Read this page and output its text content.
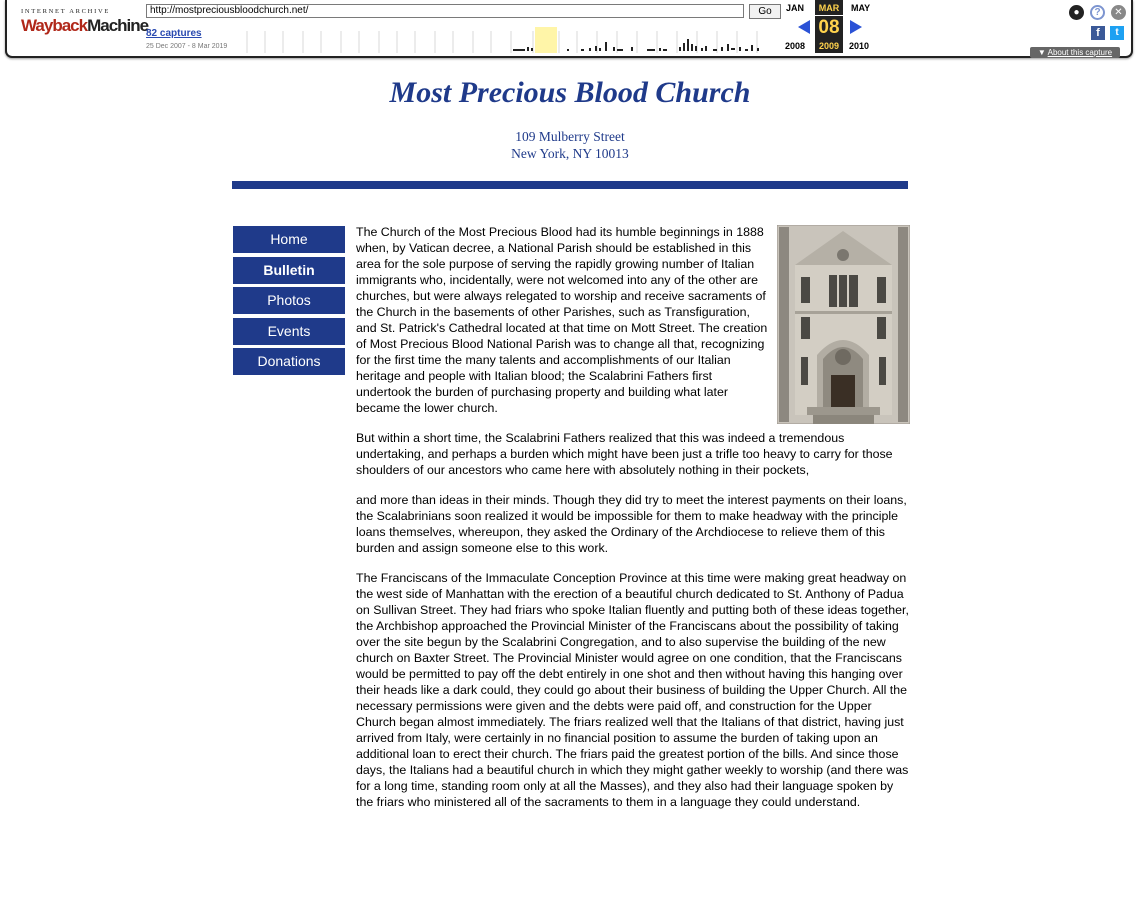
INTERNET ARCHIVE
WaybackMachine
http://mostpreciousbloodchurch.net/	Go
82 captures
25 Dec 2007 - 8 Mar 2019
JAN	MAR	MAY
08
2008	2009	2010
●	?	✕
f	t
▼ About this capture
Most Precious Blood Church
109 Mulberry Street
New York, NY 10013
Home
Bulletin
Photos
Events
Donations

The Church of the Most Precious Blood had its humble beginnings in 1888 when, by Vatican decree, a National Parish should be established in this area for the sole purpose of serving the rapidly growing number of Italian immigrants who, incidentally, were not welcomed into any of the other are churches, but were always relegated to worship and receive sacraments of the Church in the basements of other Parishes, such as Transfiguration, and St. Patrick's Cathedral located at that time on Mott Street. The creation of Most Precious Blood National Parish was to change all that, recognizing for the first time the many talents and accomplishments of our Italian heritage and people with Italian blood; the Scalabrini Fathers first undertook the burden of purchasing property and building what later became the lower church.

But within a short time, the Scalabrini Fathers realized that this was indeed a tremendous undertaking, and perhaps a burden which might have been just a trifle too heavy to carry for those shoulders of our ancestors who came here with absolutely nothing in their pockets,

and more than ideas in their minds. Though they did try to meet the interest payments on their loans, the Scalabrinians soon realized it would be impossible for them to make headway with the principle loans themselves, whereupon, they asked the Ordinary of the Archdiocese to relieve them of this burden and assign someone else to this work.

The Franciscans of the Immaculate Conception Province at this time were making great headway on the west side of Manhattan with the erection of a beautiful church dedicated to St. Anthony of Padua on Sullivan Street. They had friars who spoke Italian fluently and putting both of these ideas together, the Archbishop approached the Provincial Minister of the Franciscans about the possibility of taking over the site begun by the Scalabrini Congregation, and to also supervise the building of the new church on Baxter Street. The Provincial Minister would agree on one condition, that the Franciscans would be permitted to pay off the debt entirely in one shot and then without having this hanging over their heads like a dark could, they could go about their business of building the Upper Church. All the necessary permissions were given and the debts were paid off, and construction for the Upper Church began almost immediately. The friars realized well that the Italians of that district, having just arrived from Italy, were certainly in no financial position to assume the burden of taking upon an additional loan to erect their church. The friars paid the greatest portion of the bills. And since those days, the Italians had a beautiful church in which they might gather weekly to worship (and there was for a long time, standing room only at all the Masses), and they also had their language spoken by the friars who ministered all of the sacraments to them in a language they could understand.
